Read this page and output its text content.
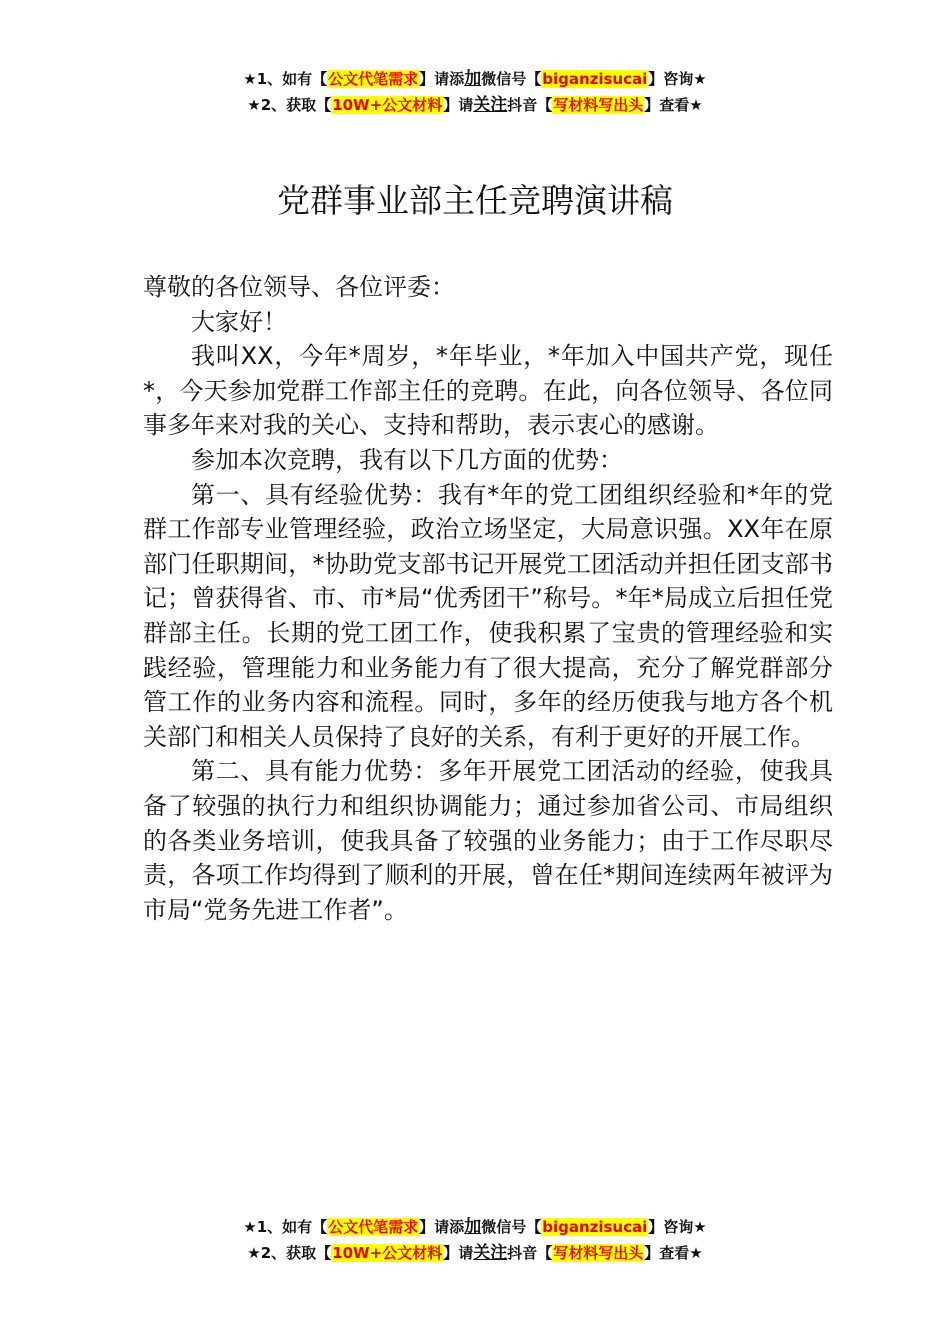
★1、如有【公文代笔需求】请添加微信号【biganzisucai】咨询★
★2、获取【10W+公文材料】请关注抖音【写材料写出头】查看★
党群事业部主任竞聘演讲稿

尊敬的各位领导、各位评委：

大家好！

我叫XX，今年*周岁，*年毕业，*年加入中国共产党，现任*，今天参加党群工作部主任的竞聘。在此，向各位领导、各位同事多年来对我的关心、支持和帮助，表示衷心的感谢。

参加本次竞聘，我有以下几方面的优势：

第一、具有经验优势：我有*年的党工团组织经验和*年的党群工作部专业管理经验，政治立场坚定，大局意识强。XX年在原部门任职期间，*协助党支部书记开展党工团活动并担任团支部书记；曾获得省、市、市*局“优秀团干”称号。*年*局成立后担任党群部主任。长期的党工团工作，使我积累了宝贵的管理经验和实践经验，管理能力和业务能力有了很大提高，充分了解党群部分管工作的业务内容和流程。同时，多年的经历使我与地方各个机关部门和相关人员保持了良好的关系，有利于更好的开展工作。

第二、具有能力优势：多年开展党工团活动的经验，使我具备了较强的执行力和组织协调能力；通过参加省公司、市局组织的各类业务培训，使我具备了较强的业务能力；由于工作尽职尽责，各项工作均得到了顺利的开展，曾在任*期间连续两年被评为市局“党务先进工作者”。

★1、如有【公文代笔需求】请添加微信号【biganzisucai】咨询★
★2、获取【10W+公文材料】请关注抖音【写材料写出头】查看★
